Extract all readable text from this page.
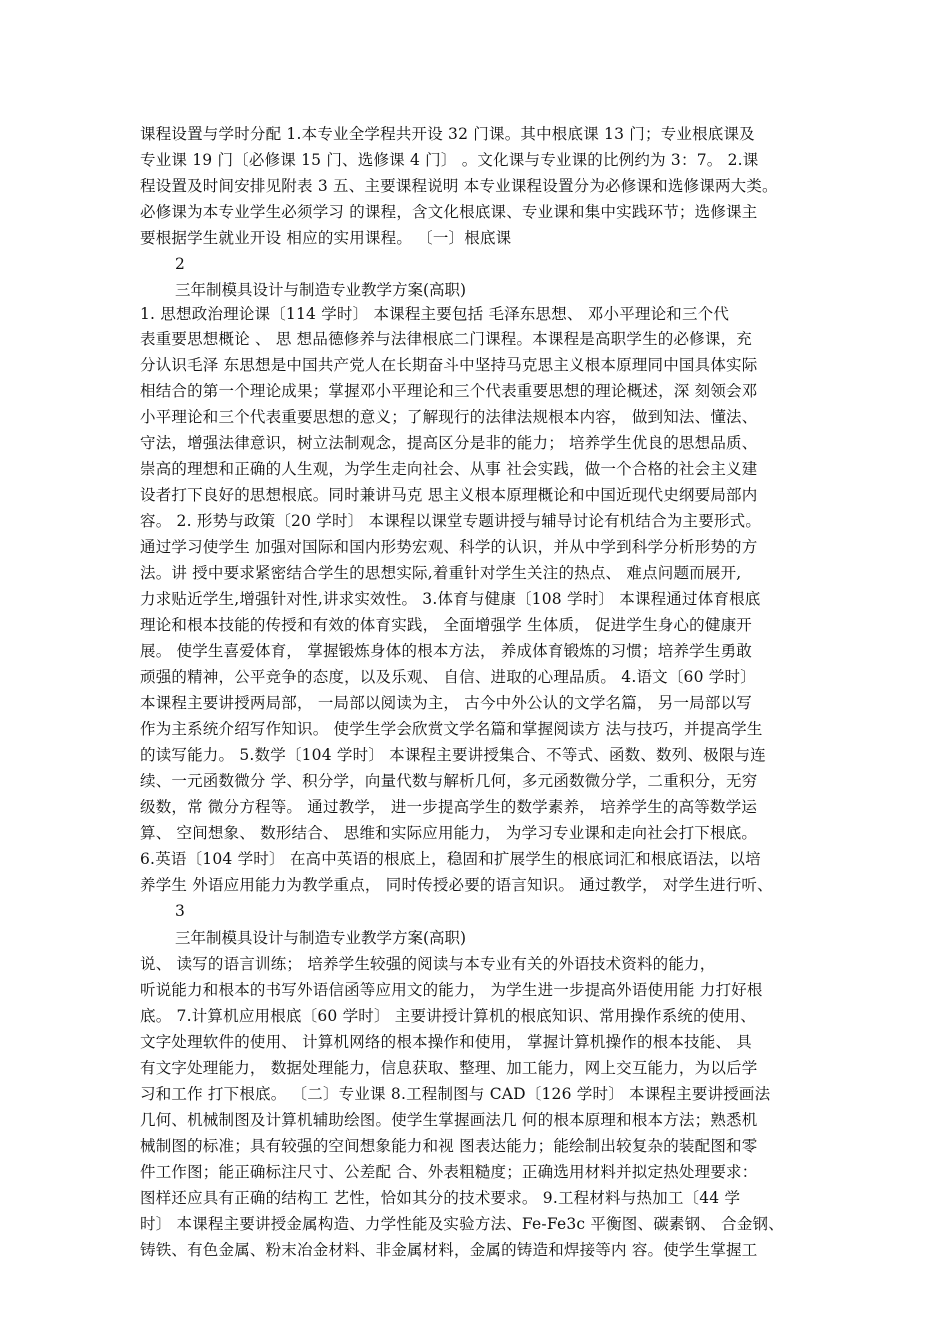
课程设置与学时分配 1.本专业全学程共开设 32 门课。其中根底课 13 门；专业根底课及
专业课 19 门〔必修课 15 门、选修课 4 门〕 。文化课与专业课的比例约为 3：7。 2.课
程设置及时间安排见附表 3 五、主要课程说明 本专业课程设置分为必修课和选修课两大类。
必修课为本专业学生必须学习 的课程，含文化根底课、专业课和集中实践环节；选修课主
要根据学生就业开设 相应的实用课程。 〔一〕根底课
2
三年制模具设计与制造专业教学方案(高职)
1. 思想政治理论课〔114 学时〕 本课程主要包括 毛泽东思想、 邓小平理论和三个代
表重要思想概论 、 思 想品德修养与法律根底二门课程。本课程是高职学生的必修课，充
分认识毛泽 东思想是中国共产党人在长期奋斗中坚持马克思主义根本原理同中国具体实际
相结合的第一个理论成果；掌握邓小平理论和三个代表重要思想的理论概述，深 刻领会邓
小平理论和三个代表重要思想的意义；了解现行的法律法规根本内容， 做到知法、懂法、
守法，增强法律意识，树立法制观念，提高区分是非的能力； 培养学生优良的思想品质、
崇高的理想和正确的人生观，为学生走向社会、从事 社会实践，做一个合格的社会主义建
设者打下良好的思想根底。同时兼讲马克 思主义根本原理概论和中国近现代史纲要局部内
容。 2. 形势与政策〔20 学时〕 本课程以课堂专题讲授与辅导讨论有机结合为主要形式。
通过学习使学生 加强对国际和国内形势宏观、科学的认识，并从中学到科学分析形势的方
法。讲 授中要求紧密结合学生的思想实际,着重针对学生关注的热点、 难点问题而展开,
力求贴近学生,增强针对性,讲求实效性。 3.体育与健康〔108 学时〕 本课程通过体育根底
理论和根本技能的传授和有效的体育实践， 全面增强学 生体质， 促进学生身心的健康开
展。 使学生喜爱体育， 掌握锻炼身体的根本方法， 养成体育锻炼的习惯；培养学生勇敢
顽强的精神，公平竞争的态度，以及乐观、 自信、进取的心理品质。 4.语文〔60 学时〕
本课程主要讲授两局部， 一局部以阅读为主， 古今中外公认的文学名篇， 另一局部以写
作为主系统介绍写作知识。 使学生学会欣赏文学名篇和掌握阅读方 法与技巧，并提高学生
的读写能力。 5.数学〔104 学时〕 本课程主要讲授集合、不等式、函数、数列、极限与连
续、一元函数微分 学、积分学，向量代数与解析几何，多元函数微分学，二重积分，无穷
级数，常 微分方程等。 通过教学， 进一步提高学生的数学素养， 培养学生的高等数学运
算、 空间想象、 数形结合、 思维和实际应用能力， 为学习专业课和走向社会打下根底。
6.英语〔104 学时〕 在高中英语的根底上，稳固和扩展学生的根底词汇和根底语法，以培
养学生 外语应用能力为教学重点， 同时传授必要的语言知识。 通过教学， 对学生进行听、
3
三年制模具设计与制造专业教学方案(高职)
说、 读写的语言训练； 培养学生较强的阅读与本专业有关的外语技术资料的能力，
听说能力和根本的书写外语信函等应用文的能力， 为学生进一步提高外语使用能 力打好根
底。 7.计算机应用根底〔60 学时〕 主要讲授计算机的根底知识、常用操作系统的使用、
文字处理软件的使用、 计算机网络的根本操作和使用， 掌握计算机操作的根本技能、 具
有文字处理能力， 数据处理能力，信息获取、整理、加工能力，网上交互能力，为以后学
习和工作 打下根底。 〔二〕专业课 8.工程制图与 CAD〔126 学时〕 本课程主要讲授画法
几何、机械制图及计算机辅助绘图。使学生掌握画法几 何的根本原理和根本方法；熟悉机
械制图的标准；具有较强的空间想象能力和视 图表达能力；能绘制出较复杂的装配图和零
件工作图；能正确标注尺寸、公差配 合、外表粗糙度；正确选用材料并拟定热处理要求：
图样还应具有正确的结构工 艺性，恰如其分的技术要求。 9.工程材料与热加工〔44 学
时〕 本课程主要讲授金属构造、力学性能及实验方法、Fe-Fe3c 平衡图、碳素钢、 合金钢、
铸铁、有色金属、粉末冶金材料、非金属材料，金属的铸造和焊接等内 容。使学生掌握工
